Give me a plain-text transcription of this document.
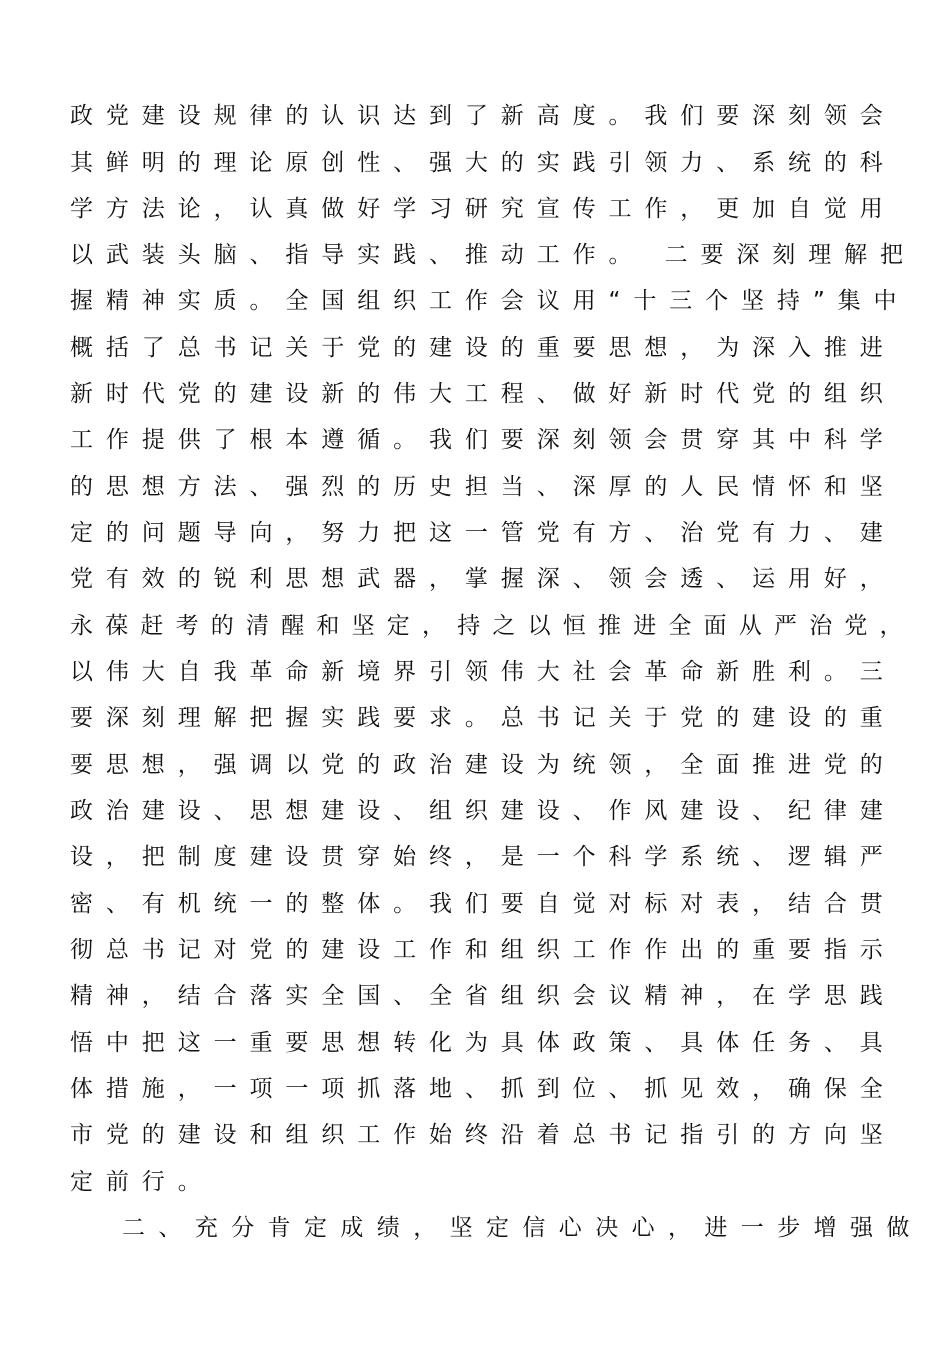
政党建设规律的认识达到了新高度。我们要深刻领会
其鲜明的理论原创性、强大的实践引领力、系统的科
学方法论，认真做好学习研究宣传工作，更加自觉用
以武装头脑、指导实践、推动工作。 二要深刻理解把
握精神实质。全国组织工作会议用“十三个坚持”集中
概括了总书记关于党的建设的重要思想，为深入推进
新时代党的建设新的伟大工程、做好新时代党的组织
工作提供了根本遵循。我们要深刻领会贯穿其中科学
的思想方法、强烈的历史担当、深厚的人民情怀和坚
定的问题导向，努力把这一管党有方、治党有力、建
党有效的锐利思想武器，掌握深、领会透、运用好，
永葆赶考的清醒和坚定，持之以恒推进全面从严治党，
以伟大自我革命新境界引领伟大社会革命新胜利。三
要深刻理解把握实践要求。总书记关于党的建设的重
要思想，强调以党的政治建设为统领，全面推进党的
政治建设、思想建设、组织建设、作风建设、纪律建
设，把制度建设贯穿始终，是一个科学系统、逻辑严
密、有机统一的整体。我们要自觉对标对表，结合贯
彻总书记对党的建设工作和组织工作作出的重要指示
精神，结合落实全国、全省组织会议精神，在学思践
悟中把这一重要思想转化为具体政策、具体任务、具
体措施，一项一项抓落地、抓到位、抓见效，确保全
市党的建设和组织工作始终沿着总书记指引的方向坚
定前行。
二、充分肯定成绩，坚定信心决心，进一步增强做
